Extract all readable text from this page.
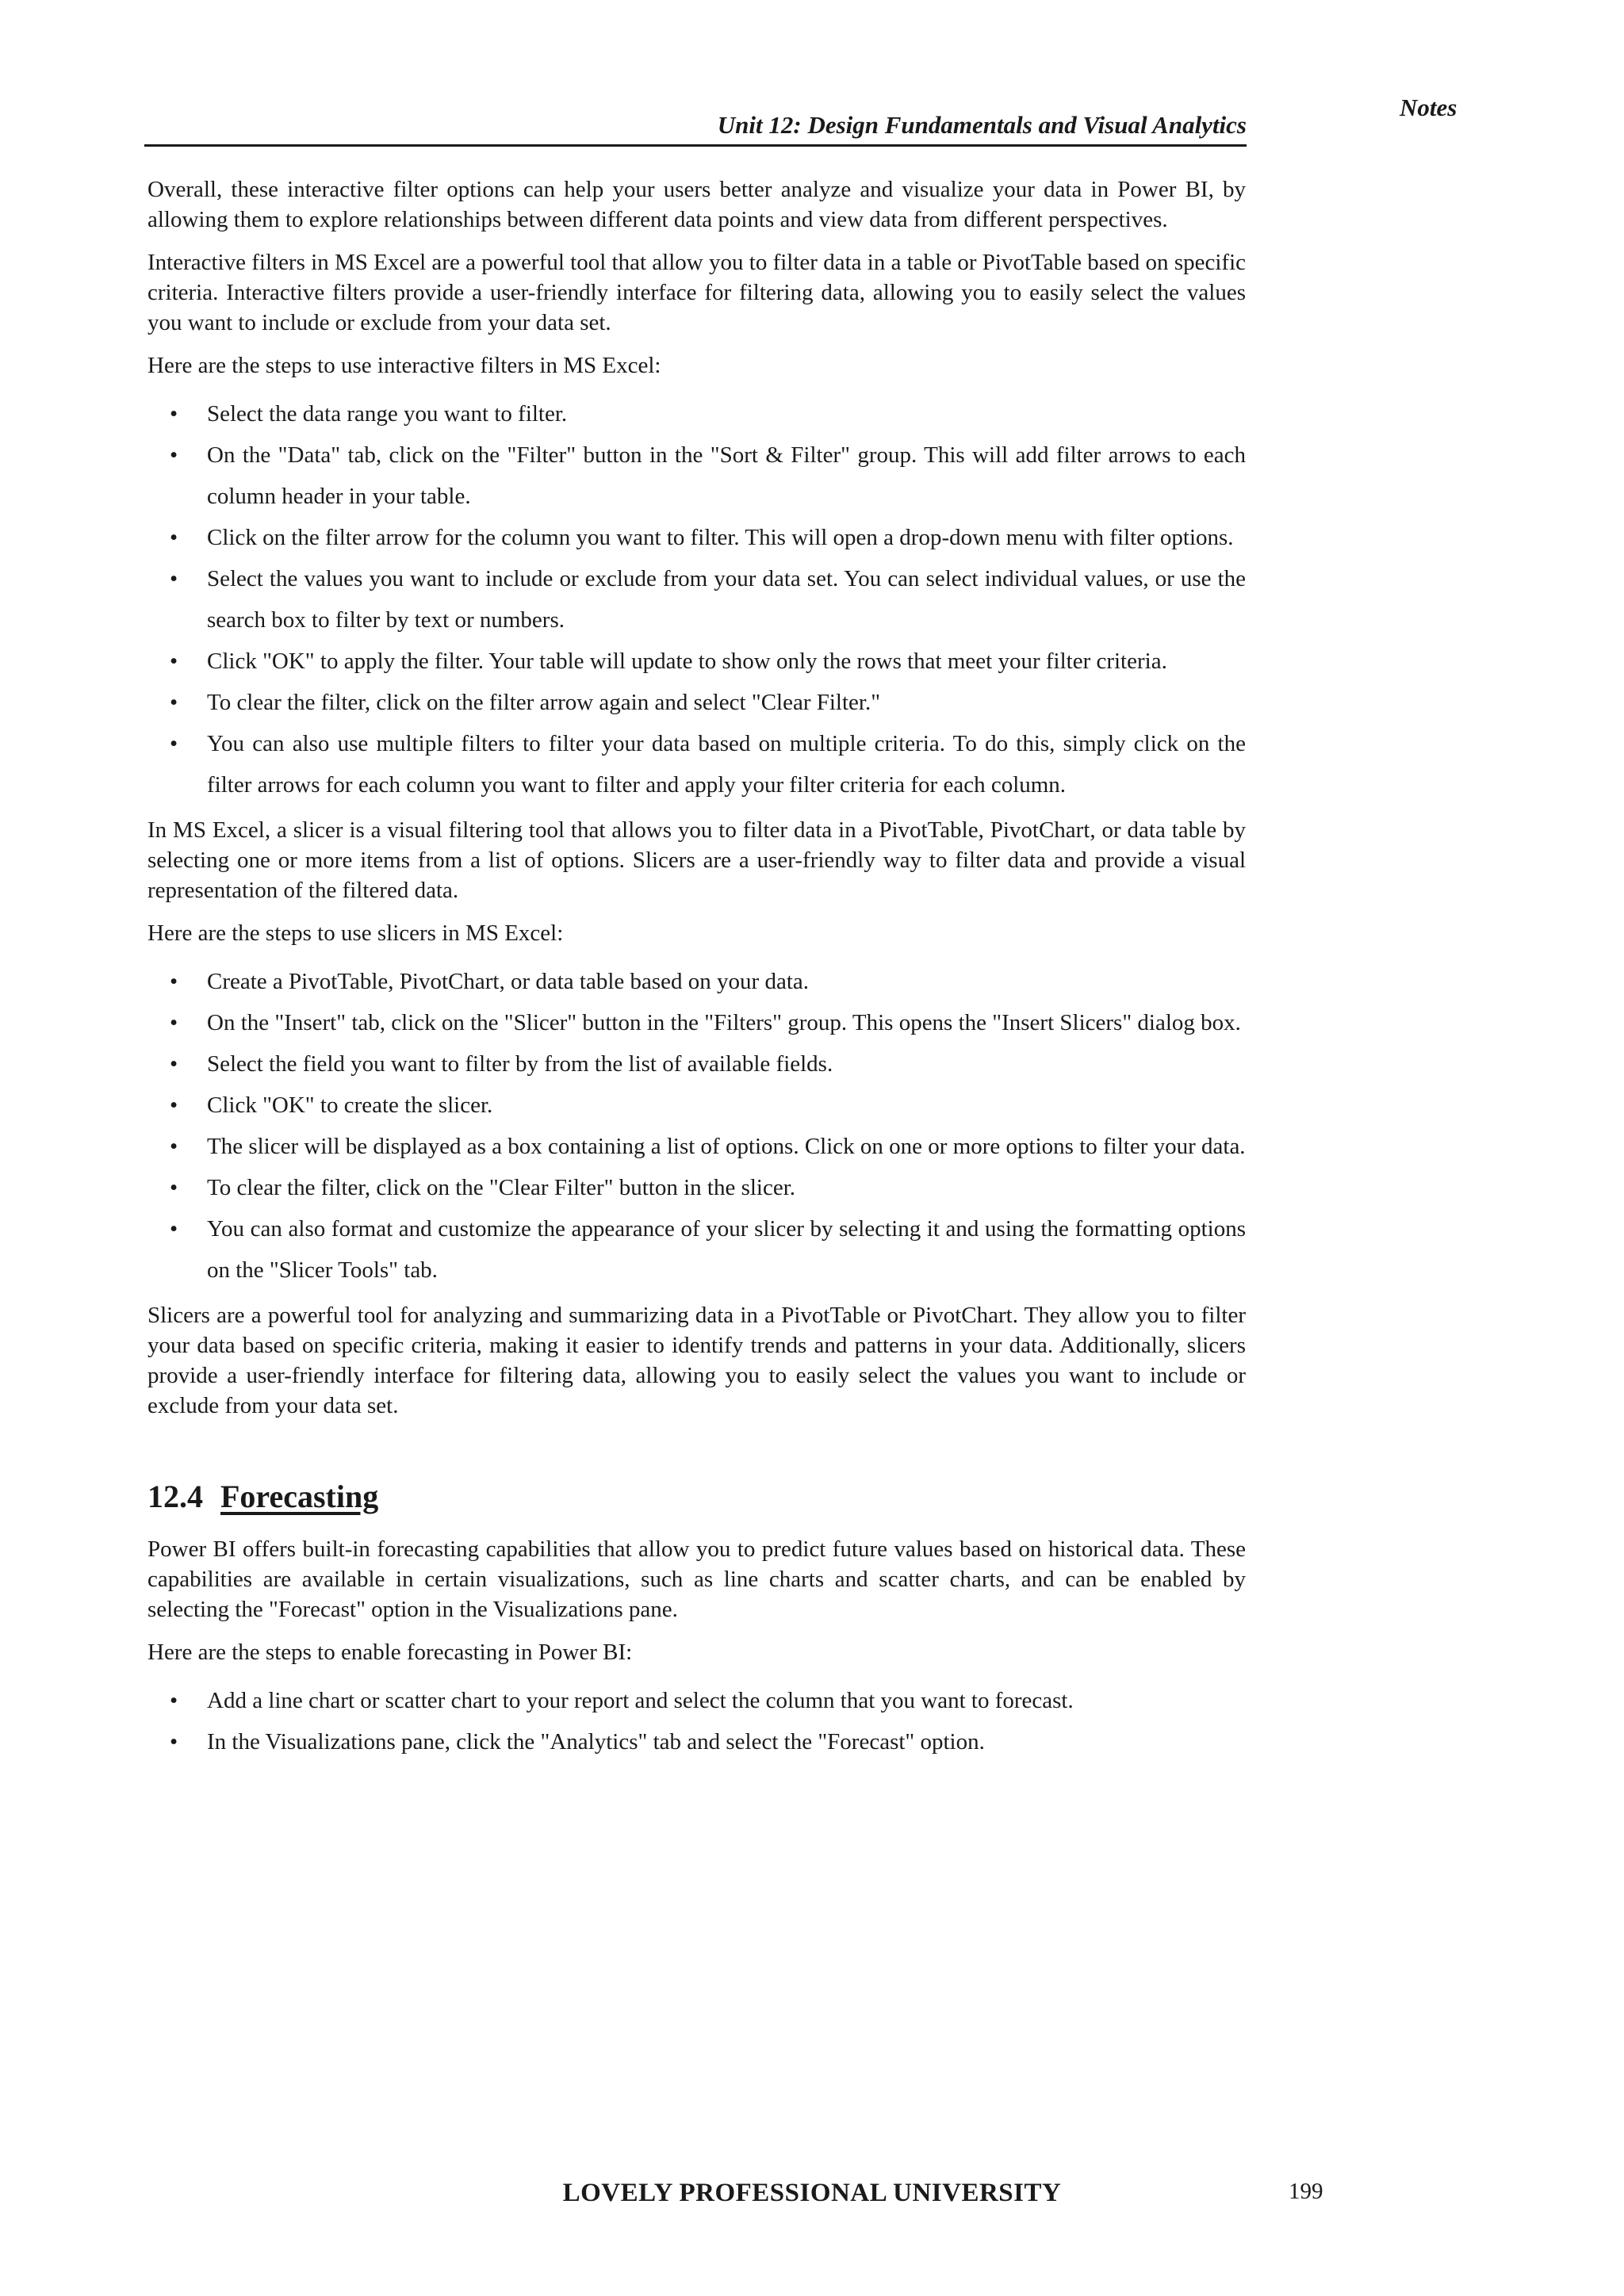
Notes
Unit 12: Design Fundamentals and Visual Analytics

Overall, these interactive filter options can help your users better analyze and visualize your data in Power BI, by allowing them to explore relationships between different data points and view data from different perspectives.

Interactive filters in MS Excel are a powerful tool that allow you to filter data in a table or PivotTable based on specific criteria. Interactive filters provide a user-friendly interface for filtering data, allowing you to easily select the values you want to include or exclude from your data set.

Here are the steps to use interactive filters in MS Excel:

• Select the data range you want to filter.
• On the "Data" tab, click on the "Filter" button in the "Sort & Filter" group. This will add filter arrows to each column header in your table.
• Click on the filter arrow for the column you want to filter. This will open a drop-down menu with filter options.
• Select the values you want to include or exclude from your data set. You can select individual values, or use the search box to filter by text or numbers.
• Click "OK" to apply the filter. Your table will update to show only the rows that meet your filter criteria.
• To clear the filter, click on the filter arrow again and select "Clear Filter."
• You can also use multiple filters to filter your data based on multiple criteria. To do this, simply click on the filter arrows for each column you want to filter and apply your filter criteria for each column.

In MS Excel, a slicer is a visual filtering tool that allows you to filter data in a PivotTable, PivotChart, or data table by selecting one or more items from a list of options. Slicers are a user-friendly way to filter data and provide a visual representation of the filtered data.

Here are the steps to use slicers in MS Excel:

• Create a PivotTable, PivotChart, or data table based on your data.
• On the "Insert" tab, click on the "Slicer" button in the "Filters" group. This opens the "Insert Slicers" dialog box.
• Select the field you want to filter by from the list of available fields.
• Click "OK" to create the slicer.
• The slicer will be displayed as a box containing a list of options. Click on one or more options to filter your data.
• To clear the filter, click on the "Clear Filter" button in the slicer.
• You can also format and customize the appearance of your slicer by selecting it and using the formatting options on the "Slicer Tools" tab.

Slicers are a powerful tool for analyzing and summarizing data in a PivotTable or PivotChart. They allow you to filter your data based on specific criteria, making it easier to identify trends and patterns in your data. Additionally, slicers provide a user-friendly interface for filtering data, allowing you to easily select the values you want to include or exclude from your data set.

12.4 Forecasting

Power BI offers built-in forecasting capabilities that allow you to predict future values based on historical data. These capabilities are available in certain visualizations, such as line charts and scatter charts, and can be enabled by selecting the "Forecast" option in the Visualizations pane.

Here are the steps to enable forecasting in Power BI:

• Add a line chart or scatter chart to your report and select the column that you want to forecast.
• In the Visualizations pane, click the "Analytics" tab and select the "Forecast" option.
LOVELY PROFESSIONAL UNIVERSITY	199
